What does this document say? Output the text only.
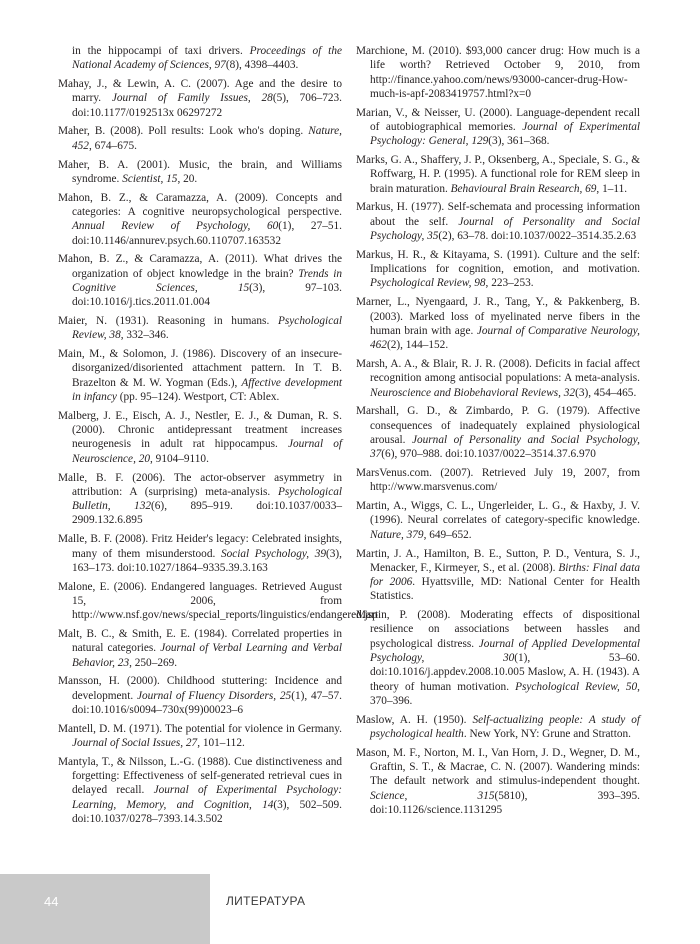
in the hippocampi of taxi drivers. Proceedings of the National Academy of Sciences, 97(8), 4398–4403.

Mahay, J., & Lewin, A. C. (2007). Age and the desire to marry. Journal of Family Issues, 28(5), 706–723. doi:10.1177/0192513x 06297272

Maher, B. (2008). Poll results: Look who's doping. Nature, 452, 674–675.

Maher, B. A. (2001). Music, the brain, and Williams syndrome. Scientist, 15, 20.

Mahon, B. Z., & Caramazza, A. (2009). Concepts and categories: A cognitive neuropsychological perspective. Annual Review of Psychology, 60(1), 27–51. doi:10.1146/annurev.psych.60.110707.163532

Mahon, B. Z., & Caramazza, A. (2011). What drives the organization of object knowledge in the brain? Trends in Cognitive Sciences, 15(3), 97–103. doi:10.1016/j.tics.2011.01.004

Maier, N. (1931). Reasoning in humans. Psychological Review, 38, 332–346.

Main, M., & Solomon, J. (1986). Discovery of an insecure-disorganized/disoriented attachment pattern. In T. B. Brazelton & M. W. Yogman (Eds.), Affective development in infancy (pp. 95–124). Westport, CT: Ablex.

Malberg, J. E., Eisch, A. J., Nestler, E. J., & Duman, R. S. (2000). Chronic antidepressant treatment increases neurogenesis in adult rat hippocampus. Journal of Neuroscience, 20, 9104–9110.

Malle, B. F. (2006). The actor-observer asymmetry in attribution: A (surprising) meta-analysis. Psychological Bulletin, 132(6), 895–919. doi:10.1037/0033–2909.132.6.895

Malle, B. F. (2008). Fritz Heider's legacy: Celebrated insights, many of them misunderstood. Social Psychology, 39(3), 163–173. doi:10.1027/1864–9335.39.3.163

Malone, E. (2006). Endangered languages. Retrieved August 15, 2006, from http://www.nsf.gov/news/special_reports/linguistics/endangered.jsp

Malt, B. C., & Smith, E. E. (1984). Correlated properties in natural categories. Journal of Verbal Learning and Verbal Behavior, 23, 250–269.

Mansson, H. (2000). Childhood stuttering: Incidence and development. Journal of Fluency Disorders, 25(1), 47–57. doi:10.1016/s0094–730x(99)00023–6

Mantell, D. M. (1971). The potential for violence in Germany. Journal of Social Issues, 27, 101–112.

Mantyla, T., & Nilsson, L.-G. (1988). Cue distinctiveness and forgetting: Effectiveness of self-generated retrieval cues in delayed recall. Journal of Experimental Psychology: Learning, Memory, and Cognition, 14(3), 502–509. doi:10.1037/0278–7393.14.3.502

Marchione, M. (2010). $93,000 cancer drug: How much is a life worth? Retrieved October 9, 2010, from http://finance.yahoo.com/news/93000-cancer-drug-How-much-is-apf-2083419757.html?x=0

Marian, V., & Neisser, U. (2000). Language-dependent recall of autobiographical memories. Journal of Experimental Psychology: General, 129(3), 361–368.

Marks, G. A., Shaffery, J. P., Oksenberg, A., Speciale, S. G., & Roffwarg, H. P. (1995). A functional role for REM sleep in brain maturation. Behavioural Brain Research, 69, 1–11.

Markus, H. (1977). Self-schemata and processing information about the self. Journal of Personality and Social Psychology, 35(2), 63–78. doi:10.1037/0022–3514.35.2.63

Markus, H. R., & Kitayama, S. (1991). Culture and the self: Implications for cognition, emotion, and motivation. Psychological Review, 98, 223–253.

Marner, L., Nyengaard, J. R., Tang, Y., & Pakkenberg, B. (2003). Marked loss of myelinated nerve fibers in the human brain with age. Journal of Comparative Neurology, 462(2), 144–152.

Marsh, A. A., & Blair, R. J. R. (2008). Deficits in facial affect recognition among antisocial populations: A meta-analysis. Neuroscience and Biobehavioral Reviews, 32(3), 454–465.

Marshall, G. D., & Zimbardo, P. G. (1979). Affective consequences of inadequately explained physiological arousal. Journal of Personality and Social Psychology, 37(6), 970–988. doi:10.1037/0022–3514.37.6.970

MarsVenus.com. (2007). Retrieved July 19, 2007, from http://www.marsvenus.com/

Martin, A., Wiggs, C. L., Ungerleider, L. G., & Haxby, J. V. (1996). Neural correlates of category-specific knowledge. Nature, 379, 649–652.

Martin, J. A., Hamilton, B. E., Sutton, P. D., Ventura, S. J., Menacker, F., Kirmeyer, S., et al. (2008). Births: Final data for 2006. Hyattsville, MD: National Center for Health Statistics.

Martin, P. (2008). Moderating effects of dispositional resilience on associations between hassles and psychological distress. Journal of Applied Developmental Psychology, 30(1), 53–60. doi:10.1016/j.appdev.2008.10.005 Maslow, A. H. (1943). A theory of human motivation. Psychological Review, 50, 370–396.

Maslow, A. H. (1950). Self-actualizing people: A study of psychological health. New York, NY: Grune and Stratton.

Mason, M. F., Norton, M. I., Van Horn, J. D., Wegner, D. M., Graftin, S. T., & Macrae, C. N. (2007). Wandering minds: The default network and stimulus-independent thought. Science, 315(5810), 393–395. doi:10.1126/science.1131295

44	ЛИТЕРАТУРА
